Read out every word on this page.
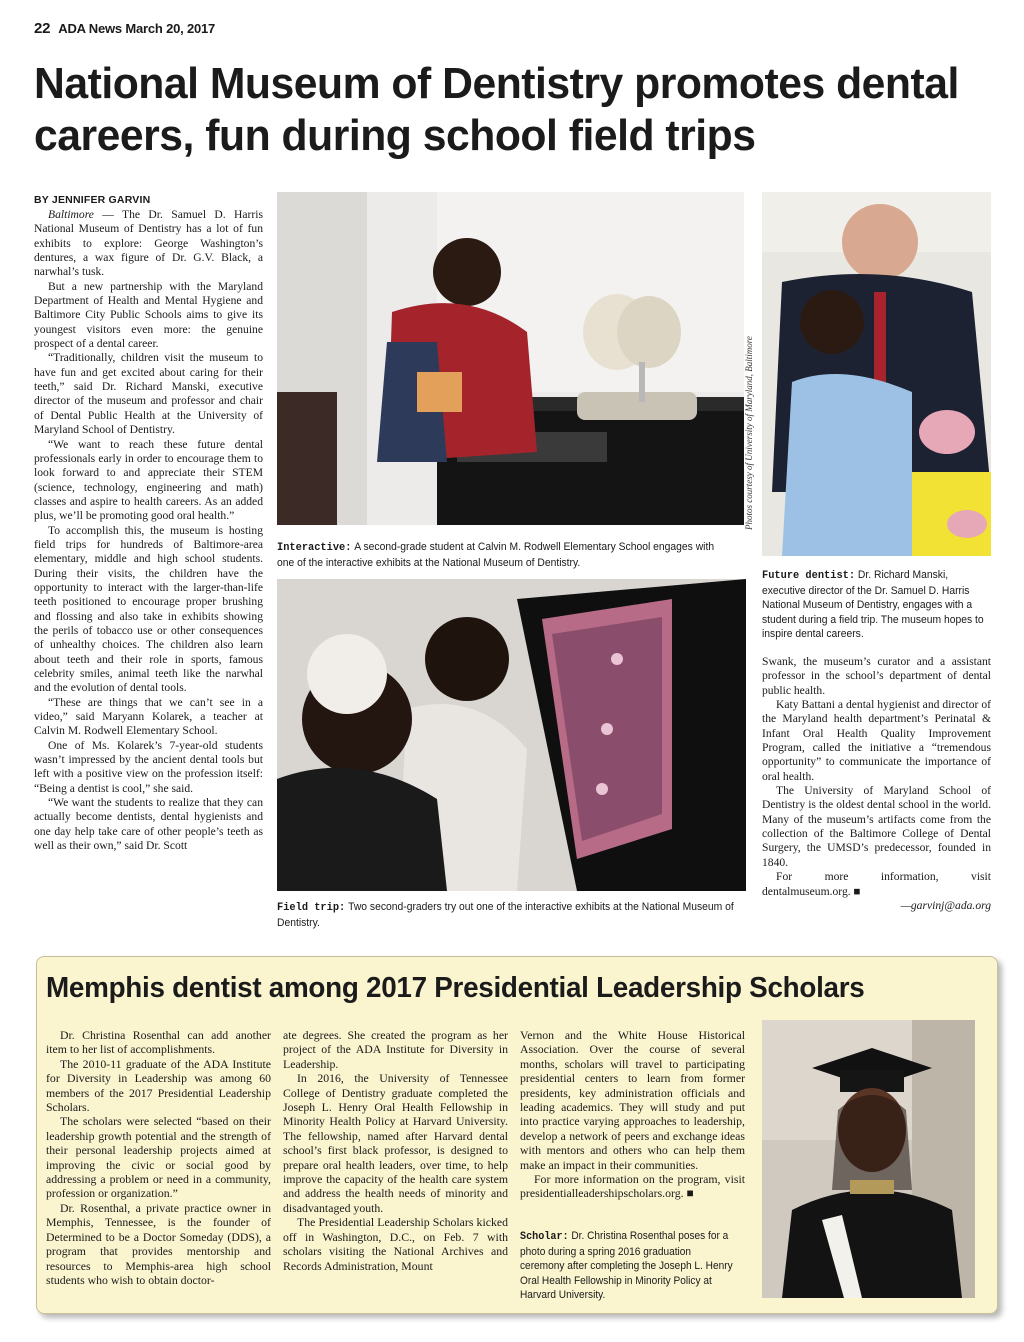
22 ADA News March 20, 2017
National Museum of Dentistry promotes dental careers, fun during school field trips
BY JENNIFER GARVIN

Baltimore — The Dr. Samuel D. Harris National Museum of Dentistry has a lot of fun exhibits to explore: George Washington’s dentures, a wax figure of Dr. G.V. Black, a narwhal’s tusk.

But a new partnership with the Maryland Department of Health and Mental Hygiene and Baltimore City Public Schools aims to give its youngest visitors even more: the genuine prospect of a dental career.

“Traditionally, children visit the museum to have fun and get excited about caring for their teeth,” said Dr. Richard Manski, executive director of the museum and professor and chair of Dental Public Health at the University of Maryland School of Dentistry.

“We want to reach these future dental professionals early in order to encourage them to look forward to and appreciate their STEM (science, technology, engineering and math) classes and aspire to health careers. As an added plus, we’ll be promoting good oral health.”

To accomplish this, the museum is hosting field trips for hundreds of Baltimore-area elementary, middle and high school students. During their visits, the children have the opportunity to interact with the larger-than-life teeth positioned to encourage proper brushing and flossing and also take in exhibits showing the perils of tobacco use or other consequences of unhealthy choices. The children also learn about teeth and their role in sports, famous celebrity smiles, animal teeth like the narwhal and the evolution of dental tools.

“These are things that we can’t see in a video,” said Maryann Kolarek, a teacher at Calvin M. Rodwell Elementary School.

One of Ms. Kolarek’s 7-year-old students wasn’t impressed by the ancient dental tools but left with a positive view on the profession itself: “Being a dentist is cool,” she said.

“We want the students to realize that they can actually become dentists, dental hygienists and one day help take care of other people’s teeth as well as their own,” said Dr. Scott

Photos courtesy of University of Maryland, Baltimore

Interactive: A second-grade student at Calvin M. Rodwell Elementary School engages with one of the interactive exhibits at the National Museum of Dentistry.

Future dentist: Dr. Richard Manski, executive director of the Dr. Samuel D. Harris National Museum of Dentistry, engages with a student during a field trip. The museum hopes to inspire dental careers.

Field trip: Two second-graders try out one of the interactive exhibits at the National Museum of Dentistry.

Swank, the museum’s curator and a assistant professor in the school’s department of dental public health.

Katy Battani a dental hygienist and director of the Maryland health department’s Perinatal & Infant Oral Health Quality Improvement Program, called the initiative a “tremendous opportunity” to communicate the importance of oral health.

The University of Maryland School of Dentistry is the oldest dental school in the world. Many of the museum’s artifacts come from the collection of the Baltimore College of Dental Surgery, the UMSD’s predecessor, founded in 1840.

For more information, visit dentalmuseum.org. ■

—garvinj@ada.org
Memphis dentist among 2017 Presidential Leadership Scholars

Dr. Christina Rosenthal can add another item to her list of accomplishments.

The 2010-11 graduate of the ADA Institute for Diversity in Leadership was among 60 members of the 2017 Presidential Leadership Scholars.

The scholars were selected “based on their leadership growth potential and the strength of their personal leadership projects aimed at improving the civic or social good by addressing a problem or need in a community, profession or organization.”

Dr. Rosenthal, a private practice owner in Memphis, Tennessee, is the founder of Determined to be a Doctor Someday (DDS), a program that provides mentorship and resources to Memphis-area high school students who wish to obtain doctor-

ate degrees. She created the program as her project of the ADA Institute for Diversity in Leadership.

In 2016, the University of Tennessee College of Dentistry graduate completed the Joseph L. Henry Oral Health Fellowship in Minority Health Policy at Harvard University. The fellowship, named after Harvard dental school’s first black professor, is designed to prepare oral health leaders, over time, to help improve the capacity of the health care system and address the health needs of minority and disadvantaged youth.

The Presidential Leadership Scholars kicked off in Washington, D.C., on Feb. 7 with scholars visiting the National Archives and Records Administration, Mount

Vernon and the White House Historical Association. Over the course of several months, scholars will travel to participating presidential centers to learn from former presidents, key administration officials and leading academics. They will study and put into practice varying approaches to leadership, develop a network of peers and exchange ideas with mentors and others who can help them make an impact in their communities.

For more information on the program, visit presidentialleadershipscholars.org. ■

Scholar: Dr. Christina Rosenthal poses for a photo during a spring 2016 graduation ceremony after completing the Joseph L. Henry Oral Health Fellowship in Minority Policy at Harvard University.
